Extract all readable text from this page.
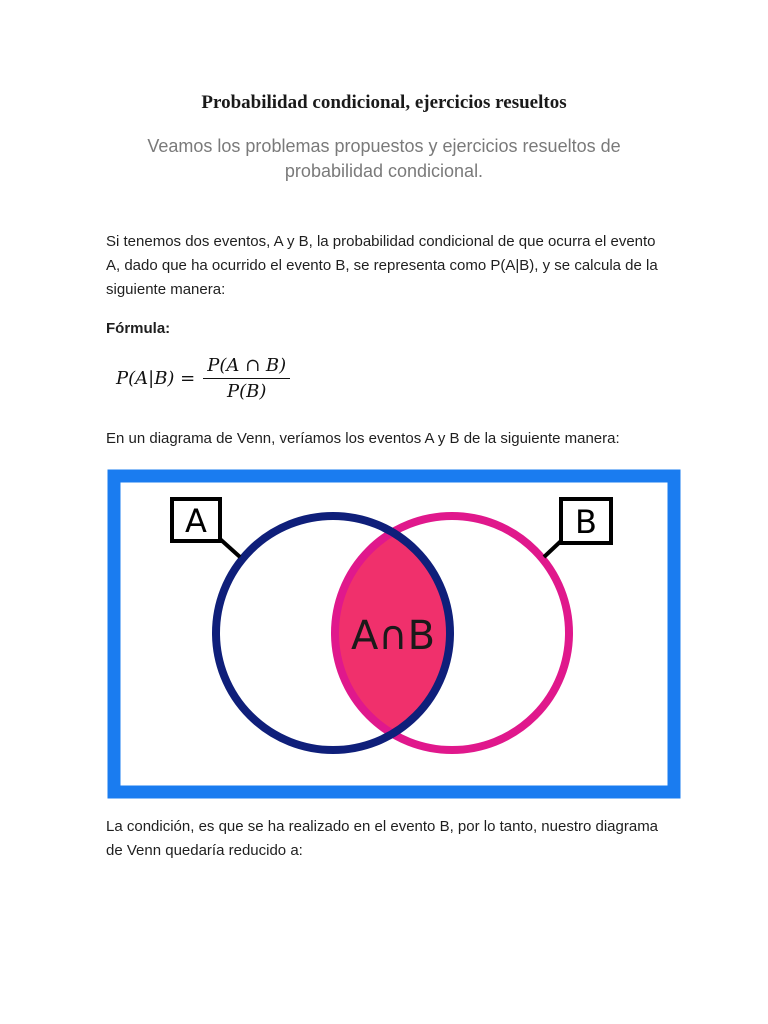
Probabilidad condicional, ejercicios resueltos
Veamos los problemas propuestos y ejercicios resueltos de probabilidad condicional.
Si tenemos dos eventos, A y B, la probabilidad condicional de que ocurra el evento A, dado que ha ocurrido el evento B, se representa como P(A|B), y se calcula de la siguiente manera:
Fórmula:
$P(A|B) = \frac{P(A \cap B)}{P(B)}$
En un diagrama de Venn, veríamos los eventos A y B de la siguiente manera:
A	B
A∩B
La condición, es que se ha realizado en el evento B, por lo tanto, nuestro diagrama de Venn quedaría reducido a:
